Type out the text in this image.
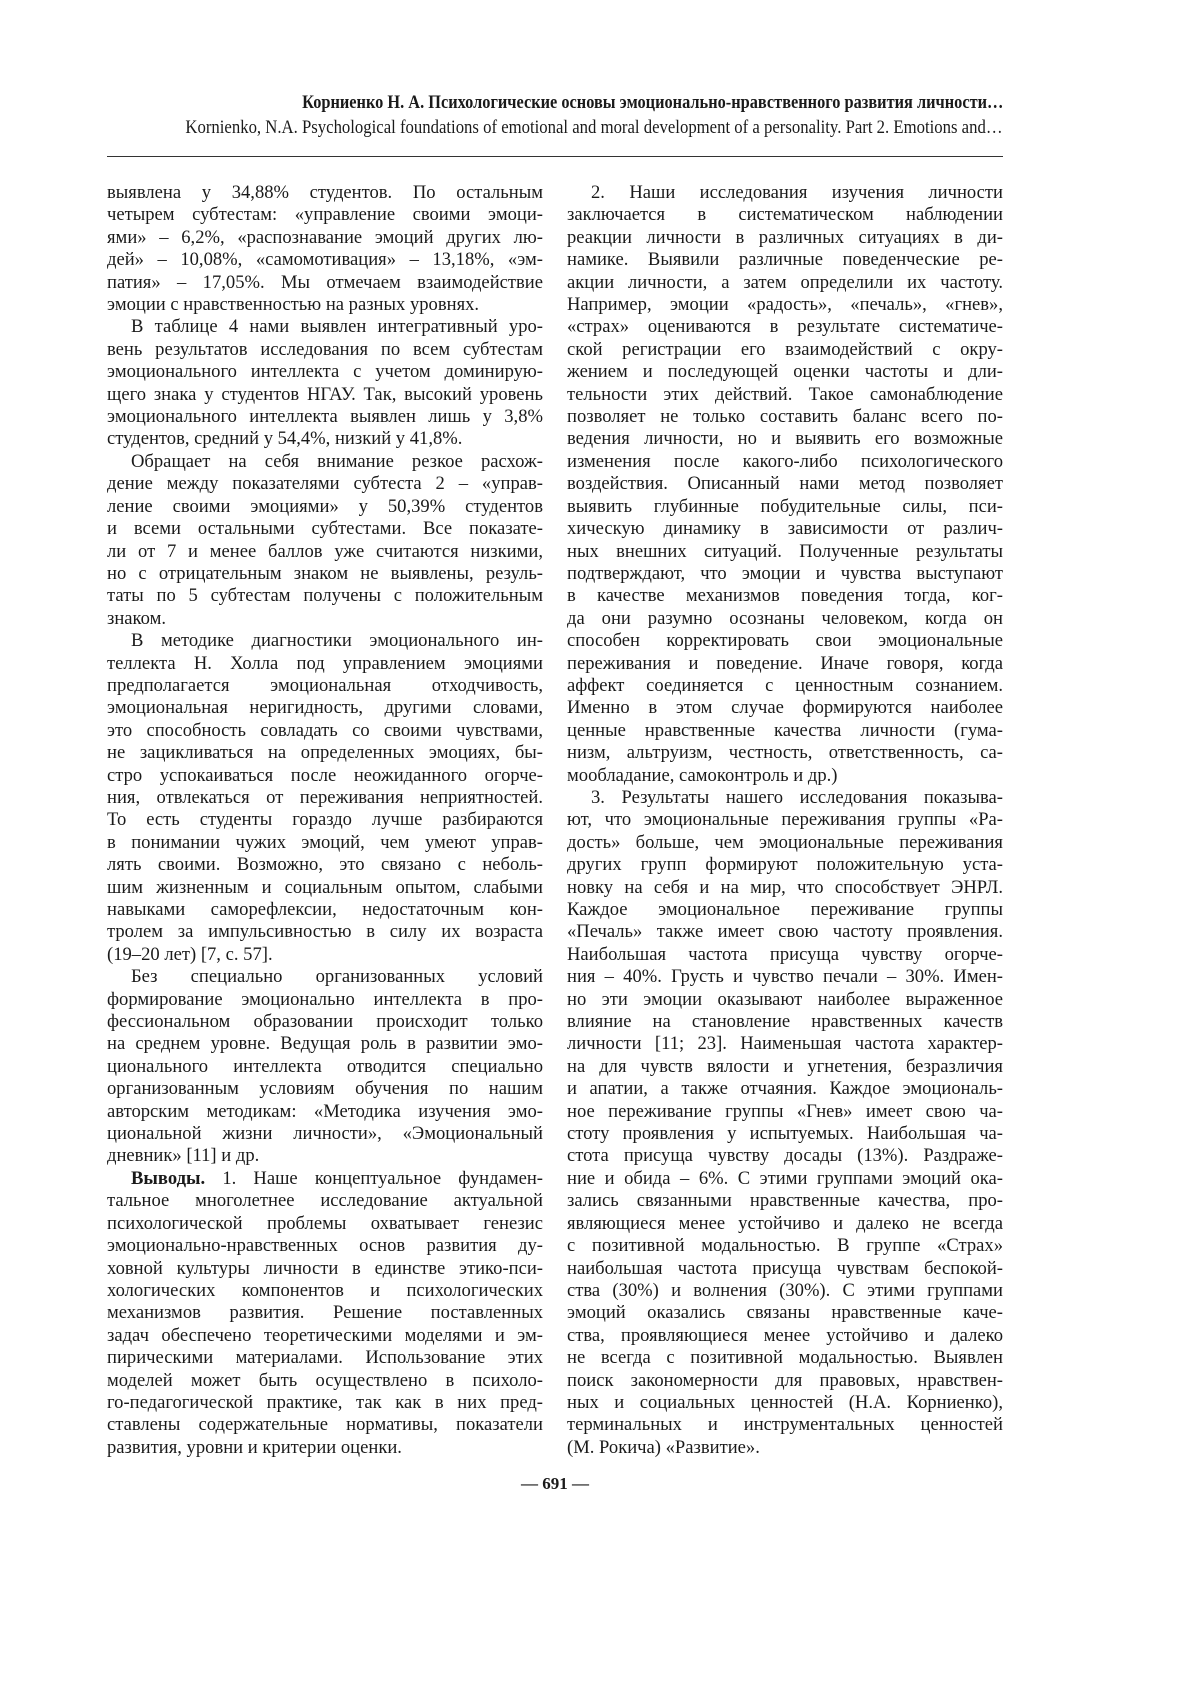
Корниенко Н. А. Психологические основы эмоционально-нравственного развития личности…
Kornienko, N.A. Psychological foundations of emotional and moral development of a personality. Part 2. Emotions and…
выявлена у 34,88% студентов. По остальным
четырем субтестам: «управление своими эмоци-
ями» – 6,2%, «распознавание эмоций других лю-
дей» – 10,08%, «самомотивация» – 13,18%, «эм-
патия» – 17,05%. Мы отмечаем взаимодействие
эмоции с нравственностью на разных уровнях.
В таблице 4 нами выявлен интегративный уро-
вень результатов исследования по всем субтестам
эмоционального интеллекта с учетом доминирую-
щего знака у студентов НГАУ. Так, высокий уровень
эмоционального интеллекта выявлен лишь у 3,8%
студентов, средний у 54,4%, низкий у 41,8%.
Обращает на себя внимание резкое расхож-
дение между показателями субтеста 2 – «управ-
ление своими эмоциями» у 50,39% студентов
и всеми остальными субтестами. Все показате-
ли от 7 и менее баллов уже считаются низкими,
но с отрицательным знаком не выявлены, резуль-
таты по 5 субтестам получены с положительным
знаком.
В методике диагностики эмоционального ин-
теллекта Н. Холла под управлением эмоциями
предполагается эмоциональная отходчивость,
эмоциональная неригидность, другими словами,
это способность совладать со своими чувствами,
не зацикливаться на определенных эмоциях, бы-
стро успокаиваться после неожиданного огорче-
ния, отвлекаться от переживания неприятностей.
То есть студенты гораздо лучше разбираются
в понимании чужих эмоций, чем умеют управ-
лять своими. Возможно, это связано с неболь-
шим жизненным и социальным опытом, слабыми
навыками саморефлексии, недостаточным кон-
тролем за импульсивностью в силу их возраста
(19–20 лет) [7, с. 57].
Без специально организованных условий
формирование эмоционально интеллекта в про-
фессиональном образовании происходит только
на среднем уровне. Ведущая роль в развитии эмо-
ционального интеллекта отводится специально
организованным условиям обучения по нашим
авторским методикам: «Методика изучения эмо-
циональной жизни личности», «Эмоциональный
дневник» [11] и др.
Выводы. 1. Наше концептуальное фундамен-
тальное многолетнее исследование актуальной
психологической проблемы охватывает генезис
эмоционально-нравственных основ развития ду-
ховной культуры личности в единстве этико-пси-
хологических компонентов и психологических
механизмов развития. Решение поставленных
задач обеспечено теоретическими моделями и эм-
пирическими материалами. Использование этих
моделей может быть осуществлено в психоло-
го-педагогической практике, так как в них пред-
ставлены содержательные нормативы, показатели
развития, уровни и критерии оценки.
2. Наши исследования изучения личности
заключается в систематическом наблюдении
реакции личности в различных ситуациях в ди-
намике. Выявили различные поведенческие ре-
акции личности, а затем определили их частоту.
Например, эмоции «радость», «печаль», «гнев»,
«страх» оцениваются в результате систематиче-
ской регистрации его взаимодействий с окру-
жением и последующей оценки частоты и дли-
тельности этих действий. Такое самонаблюдение
позволяет не только составить баланс всего по-
ведения личности, но и выявить его возможные
изменения после какого-либо психологического
воздействия. Описанный нами метод позволяет
выявить глубинные побудительные силы, пси-
хическую динамику в зависимости от различ-
ных внешних ситуаций. Полученные результаты
подтверждают, что эмоции и чувства выступают
в качестве механизмов поведения тогда, ког-
да они разумно осознаны человеком, когда он
способен корректировать свои эмоциональные
переживания и поведение. Иначе говоря, когда
аффект соединяется с ценностным сознанием.
Именно в этом случае формируются наиболее
ценные нравственные качества личности (гума-
низм, альтруизм, честность, ответственность, са-
мообладание, самоконтроль и др.)
3. Результаты нашего исследования показыва-
ют, что эмоциональные переживания группы «Ра-
дость» больше, чем эмоциональные переживания
других групп формируют положительную уста-
новку на себя и на мир, что способствует ЭНРЛ.
Каждое эмоциональное переживание группы
«Печаль» также имеет свою частоту проявления.
Наибольшая частота присуща чувству огорче-
ния – 40%. Грусть и чувство печали – 30%. Имен-
но эти эмоции оказывают наиболее выраженное
влияние на становление нравственных качеств
личности [11; 23]. Наименьшая частота характер-
на для чувств вялости и угнетения, безразличия
и апатии, а также отчаяния. Каждое эмоциональ-
ное переживание группы «Гнев» имеет свою ча-
стоту проявления у испытуемых. Наибольшая ча-
стота присуща чувству досады (13%). Раздраже-
ние и обида – 6%. С этими группами эмоций ока-
зались связанными нравственные качества, про-
являющиеся менее устойчиво и далеко не всегда
с позитивной модальностью. В группе «Страх»
наибольшая частота присуща чувствам беспокой-
ства (30%) и волнения (30%). С этими группами
эмоций оказались связаны нравственные каче-
ства, проявляющиеся менее устойчиво и далеко
не всегда с позитивной модальностью. Выявлен
поиск закономерности для правовых, нравствен-
ных и социальных ценностей (Н.А. Корниенко),
терминальных и инструментальных ценностей
(М. Рокича) «Развитие».
— 691 —
